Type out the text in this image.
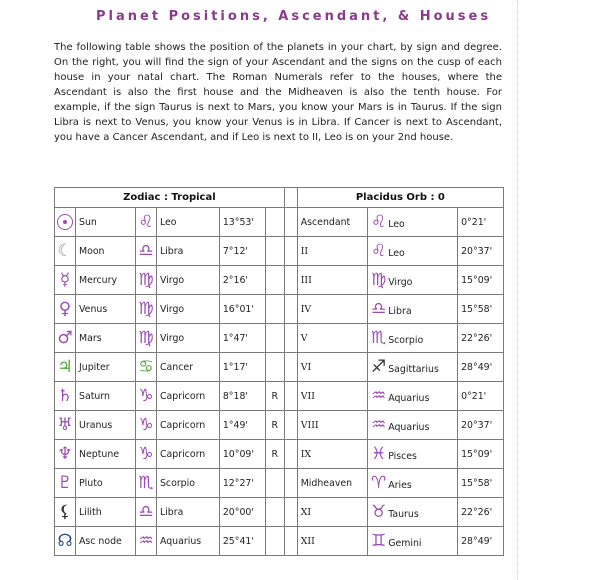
Planet Positions, Ascendant, & Houses
The following table shows the position of the planets in your chart, by sign and degree. On the right, you will find the sign of your Ascendant and the signs on the cusp of each house in your natal chart. The Roman Numerals refer to the houses, where the Ascendant is also the first house and the Midheaven is also the tenth house. For example, if the sign Taurus is next to Mars, you know your Mars is in Taurus. If the sign Libra is next to Venus, you know your Venus is in Libra. If Cancer is next to Ascendant, you have a Cancer Ascendant, and if Leo is next to II, Leo is on your 2nd house.
Zodiac : Tropical							Placidus Orb : 0		
	Sun	♌	Leo	13°53'			Ascendant	♌ Leo	0°21'
☾	Moon	♎	Libra	7°12'			II	♌ Leo	20°37'
☿	Mercury	♍	Virgo	2°16'			III	♍ Virgo	15°09'
♀	Venus	♍	Virgo	16°01'			IV	♎ Libra	15°58'
♂	Mars	♍	Virgo	1°47'			V	♏ Scorpio	22°26'
♃	Jupiter	♋	Cancer	1°17'			VI	♐ Sagittarius	28°49'
♄	Saturn	♑	Capricorn	8°18'	R		VII	♒ Aquarius	0°21'
♅	Uranus	♑	Capricorn	1°49'	R		VIII	♒ Aquarius	20°37'
♆	Neptune	♑	Capricorn	10°09'	R		IX	♓ Pisces	15°09'
♇	Pluto	♏	Scorpio	12°27'			Midheaven	♈ Aries	15°58'
⚸	Lilith	♎	Libra	20°00'			XI	♉ Taurus	22°26'
☊	Asc node	♒	Aquarius	25°41'			XII	♊ Gemini	28°49'
